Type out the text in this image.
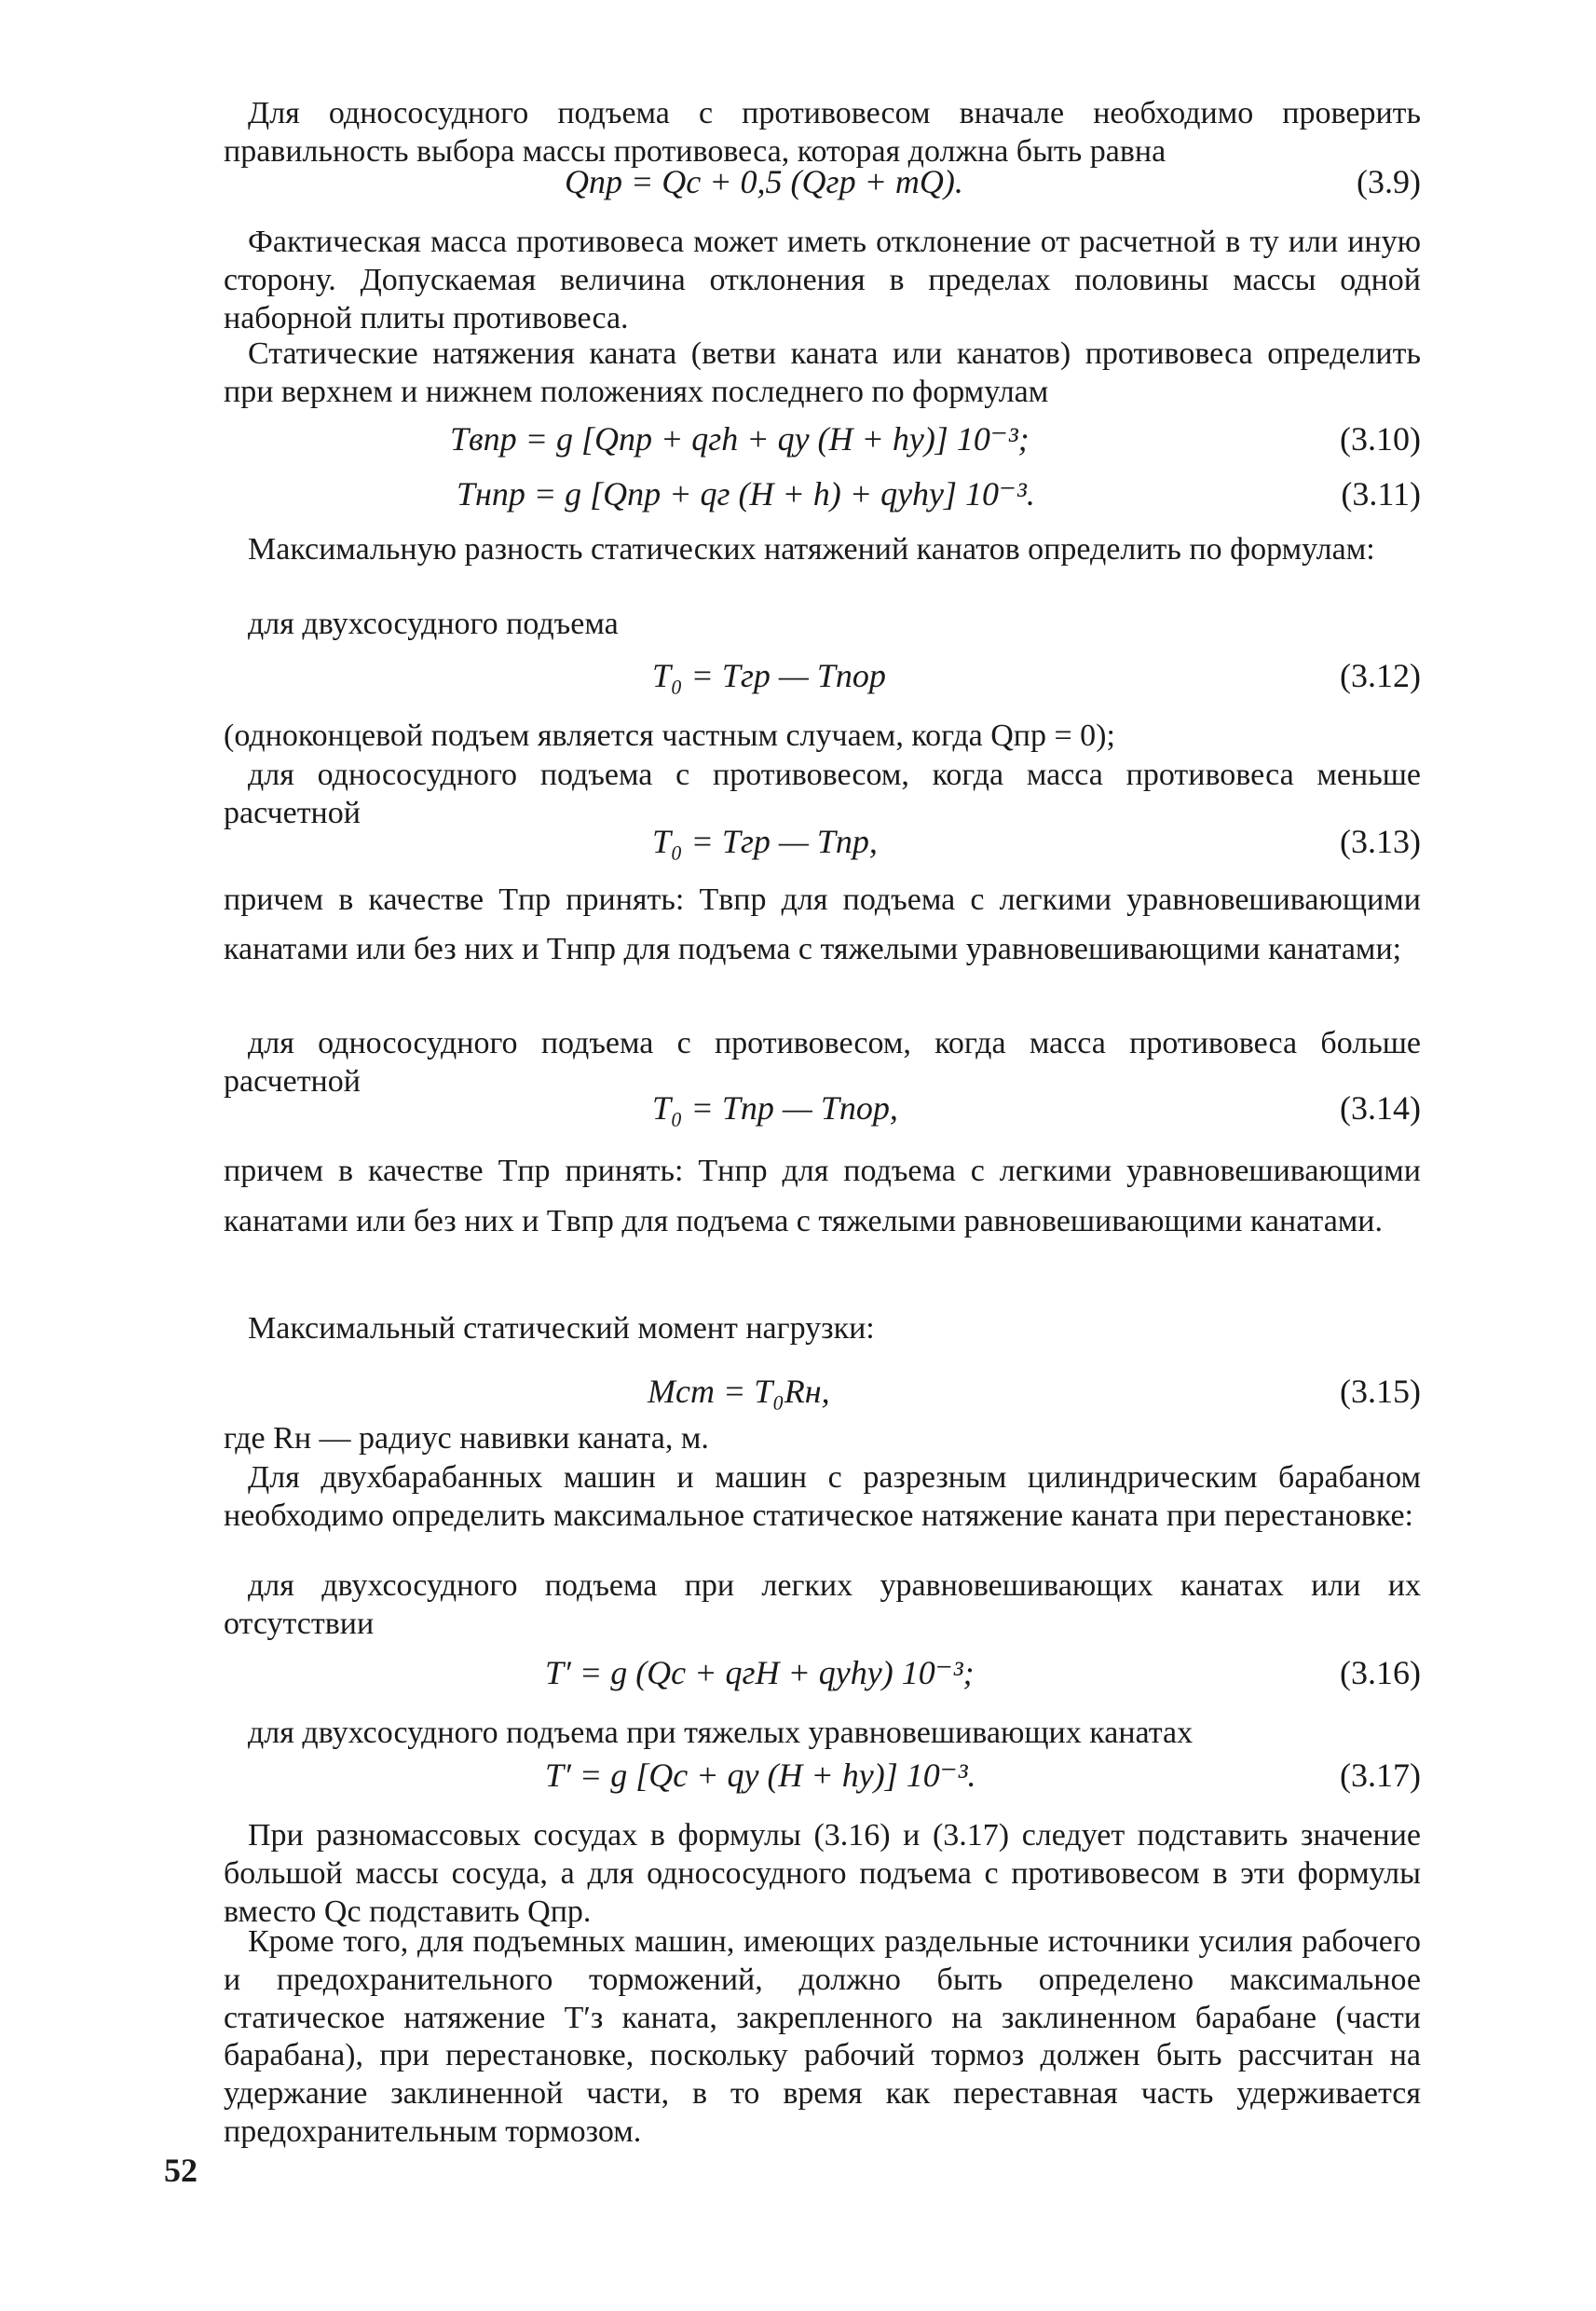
Для однососудного подъема с противовесом вначале необходимо проверить правильность выбора массы противовеса, которая должна быть равна

Qпр = Qc + 0,5 (Qгр + mQ).	(3.9)

Фактическая масса противовеса может иметь отклонение от расчетной в ту или иную сторону. Допускаемая величина отклонения в пределах половины массы одной наборной плиты противовеса.

Статические натяжения каната (ветви каната или канатов) противовеса определить при верхнем и нижнем положениях последнего по формулам

Tвпр = g [Qпр + qгh + qу (H + hу)] 10⁻³;	(3.10)
Tнпр = g [Qпр + qг (H + h) + qуhу] 10⁻³.	(3.11)

Максимальную разность статических натяжений канатов определить по формулам:

для двухсосудного подъема

T₀ = Tгр — Tпор	(3.12)

(одноконцевой подъем является частным случаем, когда Qпр = 0);

для однососудного подъема с противовесом, когда масса противовеса меньше расчетной

T₀ = Tгр — Tпр,	(3.13)

причем в качестве Tпр принять: Tвпр для подъема с легкими уравновешивающими канатами или без них и Tнпр для подъема с тяжелыми уравновешивающими канатами;

для однососудного подъема с противовесом, когда масса противовеса больше расчетной

T₀ = Tпр — Tпор,	(3.14)

причем в качестве Tпр принять: Tнпр для подъема с легкими уравновешивающими канатами или без них и Tвпр для подъема с тяжелыми равновешивающими канатами.

Максимальный статический момент нагрузки:

Mст = T₀Rн,	(3.15)

где Rн — радиус навивки каната, м.

Для двухбарабанных машин и машин с разрезным цилиндрическим барабаном необходимо определить максимальное статическое натяжение каната при перестановке:

для двухсосудного подъема при легких уравновешивающих канатах или их отсутствии

T′ = g (Qc + qгH + qуhу) 10⁻³;	(3.16)

для двухсосудного подъема при тяжелых уравновешивающих канатах

T′ = g [Qc + qу (H + hу)] 10⁻³.	(3.17)

При разномассовых сосудах в формулы (3.16) и (3.17) следует подставить значение большой массы сосуда, а для однососудного подъема с противовесом в эти формулы вместо Qc подставить Qпр.

Кроме того, для подъемных машин, имеющих раздельные источники усилия рабочего и предохранительного торможений, должно быть определено максимальное статическое натяжение T′з каната, закрепленного на заклиненном барабане (части барабана), при перестановке, поскольку рабочий тормоз должен быть рассчитан на удержание заклиненной части, в то время как переставная часть удерживается предохранительным тормозом.

52
